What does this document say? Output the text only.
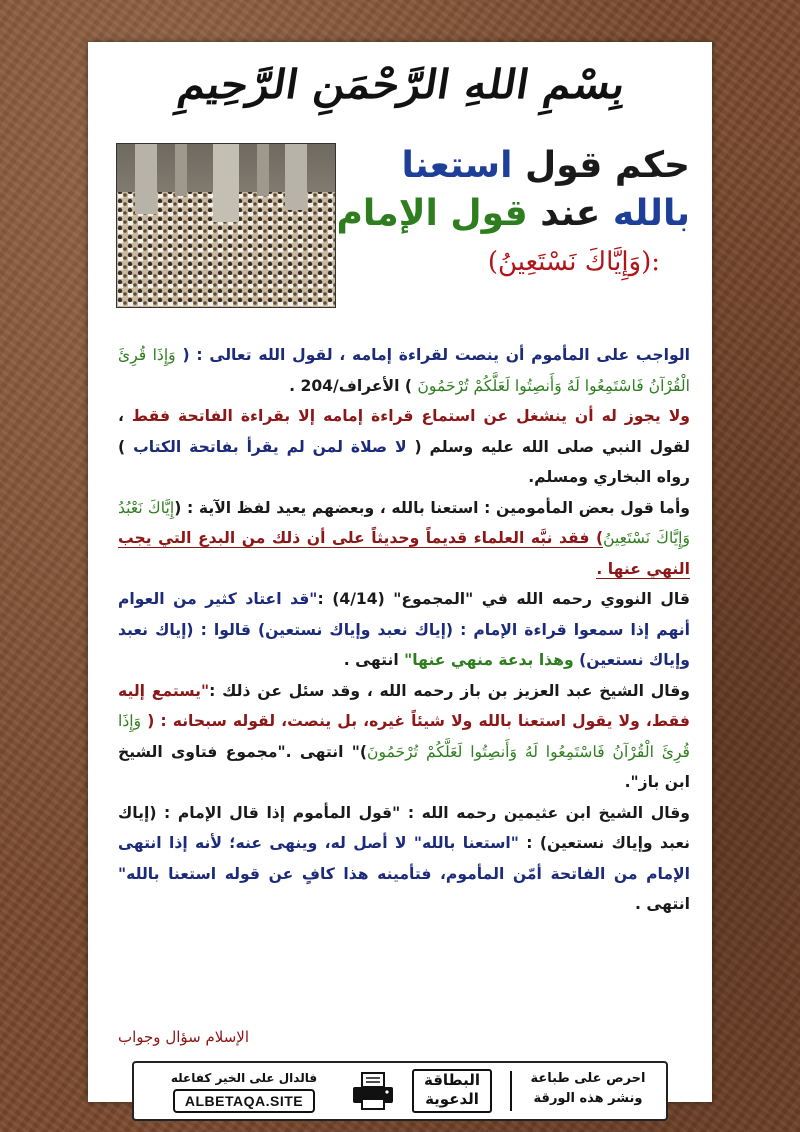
بِسْمِ اللهِ الرَّحْمَنِ الرَّحِيمِ
حكم قول استعنا
بالله عند قول الإمام
:(وَإِيَّاكَ نَسْتَعِينُ)

الواجب على المأموم أن ينصت لقراءة إمامه ، لقول الله تعالى : ( وَإِذَا قُرِئَ الْقُرْآنُ فَاسْتَمِعُوا لَهُ وَأَنصِتُوا لَعَلَّكُمْ تُرْحَمُونَ ) الأعراف/204 .

ولا يجوز له أن ينشغل عن استماع قراءة إمامه إلا بقراءة الفاتحة فقط ، لقول النبي صلى الله عليه وسلم ( لا صلاة لمن لم يقرأ بفاتحة الكتاب ) رواه البخاري ومسلم.

وأما قول بعض المأمومين : استعنا بالله ، وبعضهم يعيد لفظ الآية : (إِيَّاكَ نَعْبُدُ وَإِيَّاكَ نَسْتَعِينُ) فقد نبَّه العلماء قديماً وحديثاً على أن ذلك من البدع التي يجب النهي عنها .

قال النووي رحمه الله في "المجموع" (4/14) :"قد اعتاد كثير من العوام أنهم إذا سمعوا قراءة الإمام : (إياك نعبد وإياك نستعين) قالوا : (إياك نعبد وإياك نستعين) وهذا بدعة منهي عنها" انتهى .

وقال الشيخ عبد العزيز بن باز رحمه الله ، وقد سئل عن ذلك :"يستمع إليه فقط، ولا يقول استعنا بالله ولا شيئاً غيره، بل ينصت، لقوله سبحانه : ( وَإِذَا قُرِئَ الْقُرْآنُ فَاسْتَمِعُوا لَهُ وَأَنصِتُوا لَعَلَّكُمْ تُرْحَمُونَ)" انتهى ."مجموع فتاوى الشيخ ابن باز".

وقال الشيخ ابن عثيمين رحمه الله : "قول المأموم إذا قال الإمام : (إياك نعبد وإياك نستعين) : "استعنا بالله" لا أصل له، وينهى عنه؛ لأنه إذا انتهى الإمام من الفاتحة أمّن المأموم، فتأمينه هذا كافٍ عن قوله استعنا بالله" انتهى .

الإسلام سؤال وجواب
احرص على طباعة
ونشر هذه الورقة
البطاقة
الدعوية
فالدال على الخير كفاعله
ALBETAQA.SITE
